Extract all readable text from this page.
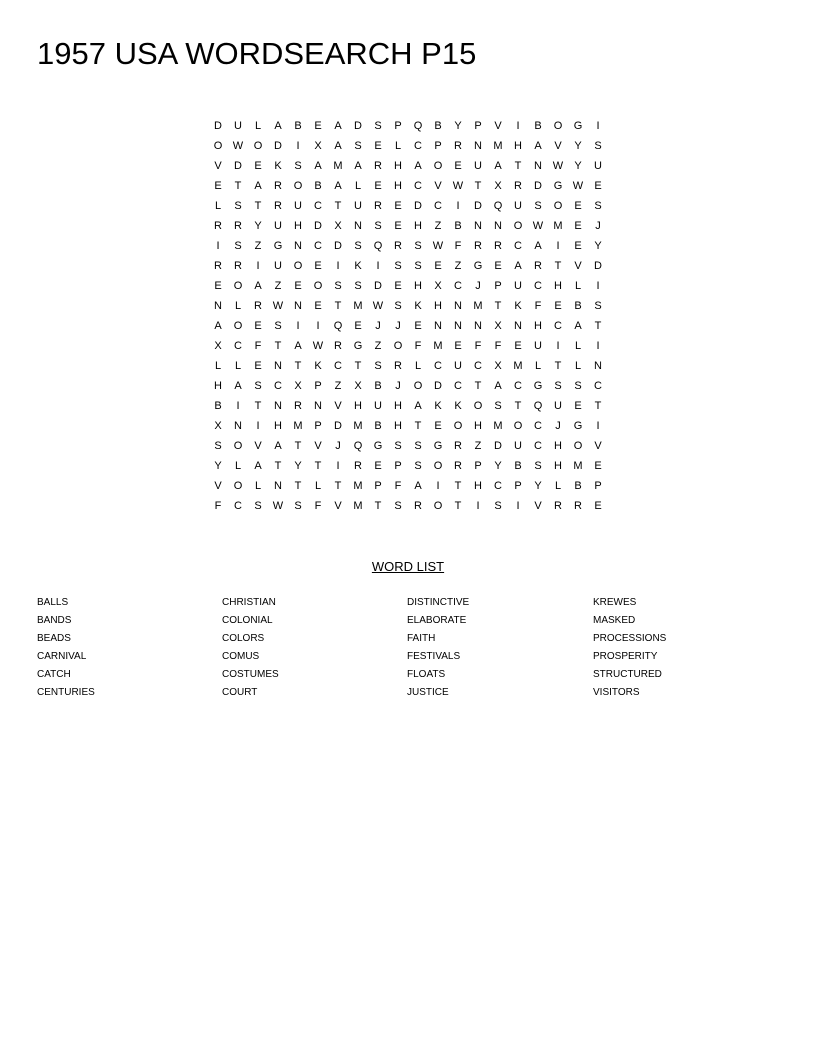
1957 USA WORDSEARCH P15
D	U	L	A	B	E	A	D	S	P	Q	B	Y	P	V	I	B	O	G	I
O W O	D	I	X	A	S	E	L	C	P	R	N	M	H	A	V	Y	S
V	D	E	K	S	A	M	A	R	H	A	O	E	U	A	T	N W	Y	U
E	T	A	R	O	B	A	L	E	H	C	V	W	T	X	R	D	G W	E
L	S	T	R	U	C	T	U	R	E	D	C	I	D	Q	U	S	O	E	S
R	R	Y	U	H	D	X	N	S	E	H	Z	B	N	N	O W M	E	J
I	S	Z	G	N	C	D	S	Q	R	S	W	F	R	R	C	A	I	E	Y
R	R	I	U	O	E	I	K	I	S	S	E	Z	G	E	A	R	T	V	D
E	O	A	Z	E	O	S	S	D	E	H	X	C	J	P	U	C	H	L	I
N	L	R W N	E	T	M W	S	K	H	N	M	T	K	F	E	B	S
A	O	E	S	I	I	Q	E	J	J	E	N	N	N	X	N	H	C	A	T
X	C	F	T	A	W R	G	Z	O	F	M	E	F	F	E	U	I	L	I
L	L	E	N	T	K	C	T	S	R	L	C	U	C	X	M	L	T	L	N
H	A	S	C	X	P	Z	X	B	J	O	D	C	T	A	C	G	S	S	C
B	I	T	N	R	N	V	H	U	H	A	K	K	O	S	T	Q	U	E	T
X	N	I	H	M	P	D	M	B	H	T	E	O	H	M	O	C	J	G	I
S	O	V	A	T	V	J	Q	G	S	S	G	R	Z	D	U	C	H	O	V
Y	L	A	T	Y	T	I	R	E	P	S	O	R	P	Y	B	S	H	M	E
V	O	L	N	T	L	T	M	P	F	A	I	T	H	C	P	Y	L	B	P
F	C	S	W	S	F	V	M	T	S	R	O	T	I	S	I	V	R	R	E
WORD LIST
BALLS
BANDS
BEADS
CARNIVAL
CATCH
CENTURIES
CHRISTIAN
COLONIAL
COLORS
COMUS
COSTUMES
COURT
DISTINCTIVE
ELABORATE
FAITH
FESTIVALS
FLOATS
JUSTICE
KREWES
MASKED
PROCESSIONS
PROSPERITY
STRUCTURED
VISITORS
